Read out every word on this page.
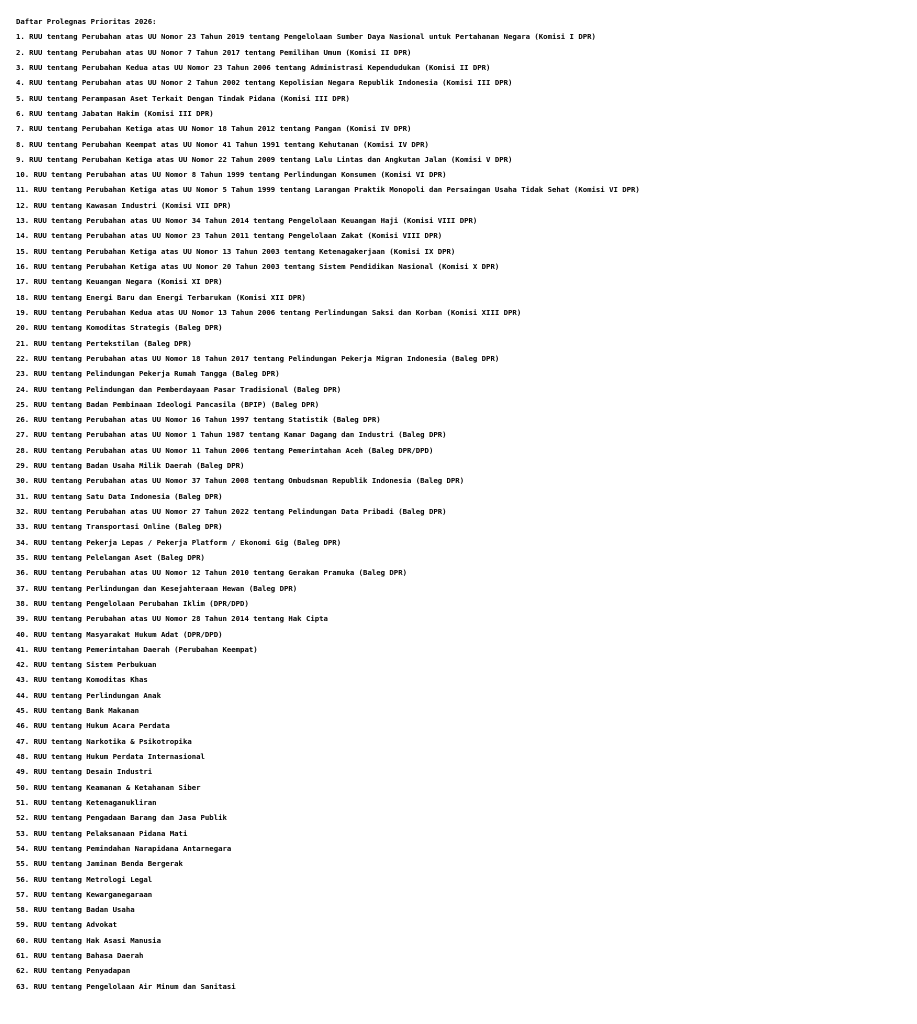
Daftar Prolegnas Prioritas 2026:
1. RUU tentang Perubahan atas UU Nomor 23 Tahun 2019 tentang Pengelolaan Sumber Daya Nasional untuk Pertahanan Negara (Komisi I DPR)
2. RUU tentang Perubahan atas UU Nomor 7 Tahun 2017 tentang Pemilihan Umum (Komisi II DPR)
3. RUU tentang Perubahan Kedua atas UU Nomor 23 Tahun 2006 tentang Administrasi Kependudukan (Komisi II DPR)
4. RUU tentang Perubahan atas UU Nomor 2 Tahun 2002 tentang Kepolisian Negara Republik Indonesia (Komisi III DPR)
5. RUU tentang Perampasan Aset Terkait Dengan Tindak Pidana (Komisi III DPR)
6. RUU tentang Jabatan Hakim (Komisi III DPR)
7. RUU tentang Perubahan Ketiga atas UU Nomor 18 Tahun 2012 tentang Pangan (Komisi IV DPR)
8. RUU tentang Perubahan Keempat atas UU Nomor 41 Tahun 1991 tentang Kehutanan (Komisi IV DPR)
9. RUU tentang Perubahan Ketiga atas UU Nomor 22 Tahun 2009 tentang Lalu Lintas dan Angkutan Jalan (Komisi V DPR)
10. RUU tentang Perubahan atas UU Nomor 8 Tahun 1999 tentang Perlindungan Konsumen (Komisi VI DPR)
11. RUU tentang Perubahan Ketiga atas UU Nomor 5 Tahun 1999 tentang Larangan Praktik Monopoli dan Persaingan Usaha Tidak Sehat (Komisi VI DPR)
12. RUU tentang Kawasan Industri (Komisi VII DPR)
13. RUU tentang Perubahan atas UU Nomor 34 Tahun 2014 tentang Pengelolaan Keuangan Haji (Komisi VIII DPR)
14. RUU tentang Perubahan atas UU Nomor 23 Tahun 2011 tentang Pengelolaan Zakat (Komisi VIII DPR)
15. RUU tentang Perubahan Ketiga atas UU Nomor 13 Tahun 2003 tentang Ketenagakerjaan (Komisi IX DPR)
16. RUU tentang Perubahan Ketiga atas UU Nomor 20 Tahun 2003 tentang Sistem Pendidikan Nasional (Komisi X DPR)
17. RUU tentang Keuangan Negara (Komisi XI DPR)
18. RUU tentang Energi Baru dan Energi Terbarukan (Komisi XII DPR)
19. RUU tentang Perubahan Kedua atas UU Nomor 13 Tahun 2006 tentang Perlindungan Saksi dan Korban (Komisi XIII DPR)
20. RUU tentang Komoditas Strategis (Baleg DPR)
21. RUU tentang Pertekstilan (Baleg DPR)
22. RUU tentang Perubahan atas UU Nomor 18 Tahun 2017 tentang Pelindungan Pekerja Migran Indonesia (Baleg DPR)
23. RUU tentang Pelindungan Pekerja Rumah Tangga (Baleg DPR)
24. RUU tentang Pelindungan dan Pemberdayaan Pasar Tradisional (Baleg DPR)
25. RUU tentang Badan Pembinaan Ideologi Pancasila (BPIP) (Baleg DPR)
26. RUU tentang Perubahan atas UU Nomor 16 Tahun 1997 tentang Statistik (Baleg DPR)
27. RUU tentang Perubahan atas UU Nomor 1 Tahun 1987 tentang Kamar Dagang dan Industri (Baleg DPR)
28. RUU tentang Perubahan atas UU Nomor 11 Tahun 2006 tentang Pemerintahan Aceh (Baleg DPR/DPD)
29. RUU tentang Badan Usaha Milik Daerah (Baleg DPR)
30. RUU tentang Perubahan atas UU Nomor 37 Tahun 2008 tentang Ombudsman Republik Indonesia (Baleg DPR)
31. RUU tentang Satu Data Indonesia (Baleg DPR)
32. RUU tentang Perubahan atas UU Nomor 27 Tahun 2022 tentang Pelindungan Data Pribadi (Baleg DPR)
33. RUU tentang Transportasi Online (Baleg DPR)
34. RUU tentang Pekerja Lepas / Pekerja Platform / Ekonomi Gig (Baleg DPR)
35. RUU tentang Pelelangan Aset (Baleg DPR)
36. RUU tentang Perubahan atas UU Nomor 12 Tahun 2010 tentang Gerakan Pramuka (Baleg DPR)
37. RUU tentang Perlindungan dan Kesejahteraan Hewan (Baleg DPR)
38. RUU tentang Pengelolaan Perubahan Iklim (DPR/DPD)
39. RUU tentang Perubahan atas UU Nomor 28 Tahun 2014 tentang Hak Cipta
40. RUU tentang Masyarakat Hukum Adat (DPR/DPD)
41. RUU tentang Pemerintahan Daerah (Perubahan Keempat)
42. RUU tentang Sistem Perbukuan
43. RUU tentang Komoditas Khas
44. RUU tentang Perlindungan Anak
45. RUU tentang Bank Makanan
46. RUU tentang Hukum Acara Perdata
47. RUU tentang Narkotika & Psikotropika
48. RUU tentang Hukum Perdata Internasional
49. RUU tentang Desain Industri
50. RUU tentang Keamanan & Ketahanan Siber
51. RUU tentang Ketenaganukliran
52. RUU tentang Pengadaan Barang dan Jasa Publik
53. RUU tentang Pelaksanaan Pidana Mati
54. RUU tentang Pemindahan Narapidana Antarnegara
55. RUU tentang Jaminan Benda Bergerak
56. RUU tentang Metrologi Legal
57. RUU tentang Kewarganegaraan
58. RUU tentang Badan Usaha
59. RUU tentang Advokat
60. RUU tentang Hak Asasi Manusia
61. RUU tentang Bahasa Daerah
62. RUU tentang Penyadapan
63. RUU tentang Pengelolaan Air Minum dan Sanitasi
